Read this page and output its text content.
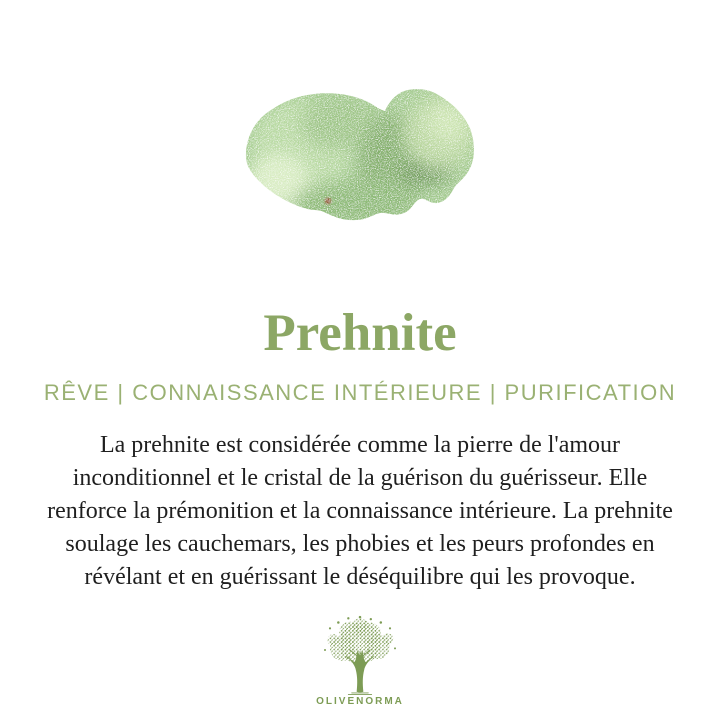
Prehnite
RÊVE | CONNAISSANCE INTÉRIEURE | PURIFICATION
La prehnite est considérée comme la pierre de l'amour
inconditionnel et le cristal de la guérison du guérisseur. Elle
renforce la prémonition et la connaissance intérieure. La prehnite
soulage les cauchemars, les phobies et les peurs profondes en
révélant et en guérissant le déséquilibre qui les provoque.
OLIVENORMA
